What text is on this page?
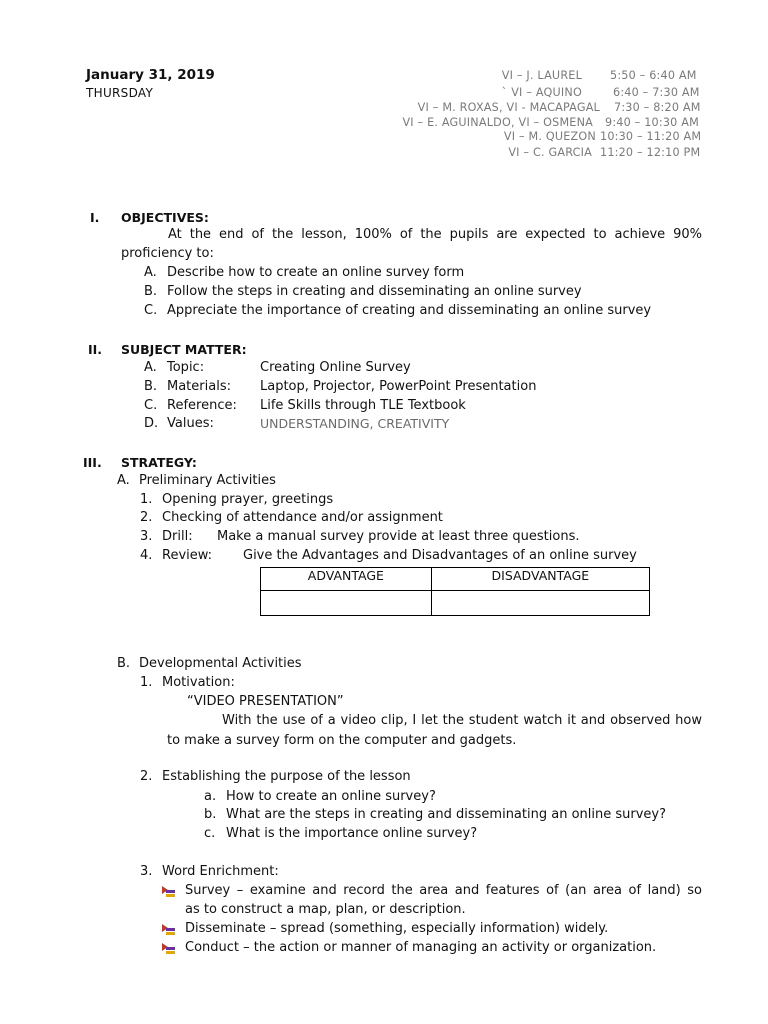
January 31, 2019
THURSDAY
VI – J. LAUREL	5:50 – 6:40 AM
` VI – AQUINO	6:40 – 7:30 AM
VI – M. ROXAS, VI - MACAPAGAL 7:30 – 8:20 AM
VI – E. AGUINALDO, VI – OSMENA 9:40 – 10:30 AM
VI – M. QUEZON 10:30 – 11:20 AM
VI – C. GARCIA 11:20 – 12:10 PM
I. OBJECTIVES:
At the end of the lesson, 100% of the pupils are expected to achieve 90%
proficiency to:
A. Describe how to create an online survey form
B. Follow the steps in creating and disseminating an online survey
C. Appreciate the importance of creating and disseminating an online survey
II. SUBJECT MATTER:
A. Topic:	Creating Online Survey
B. Materials: Laptop, Projector, PowerPoint Presentation
C. Reference: Life Skills through TLE Textbook
D. Values:	UNDERSTANDING, CREATIVITY
III. STRATEGY:
A. Preliminary Activities
1. Opening prayer, greetings
2. Checking of attendance and/or assignment
3. Drill: Make a manual survey provide at least three questions.
4. Review: Give the Advantages and Disadvantages of an online survey
ADVANTAGE	DISADVANTAGE

B. Developmental Activities
1. Motivation:
“VIDEO PRESENTATION”
With the use of a video clip, I let the student watch it and observed how
to make a survey form on the computer and gadgets.
2. Establishing the purpose of the lesson
a. How to create an online survey?
b. What are the steps in creating and disseminating an online survey?
c. What is the importance online survey?
3. Word Enrichment:
Survey – examine and record the area and features of (an area of land) so
as to construct a map, plan, or description.
Disseminate – spread (something, especially information) widely.
Conduct – the action or manner of managing an activity or organization.
